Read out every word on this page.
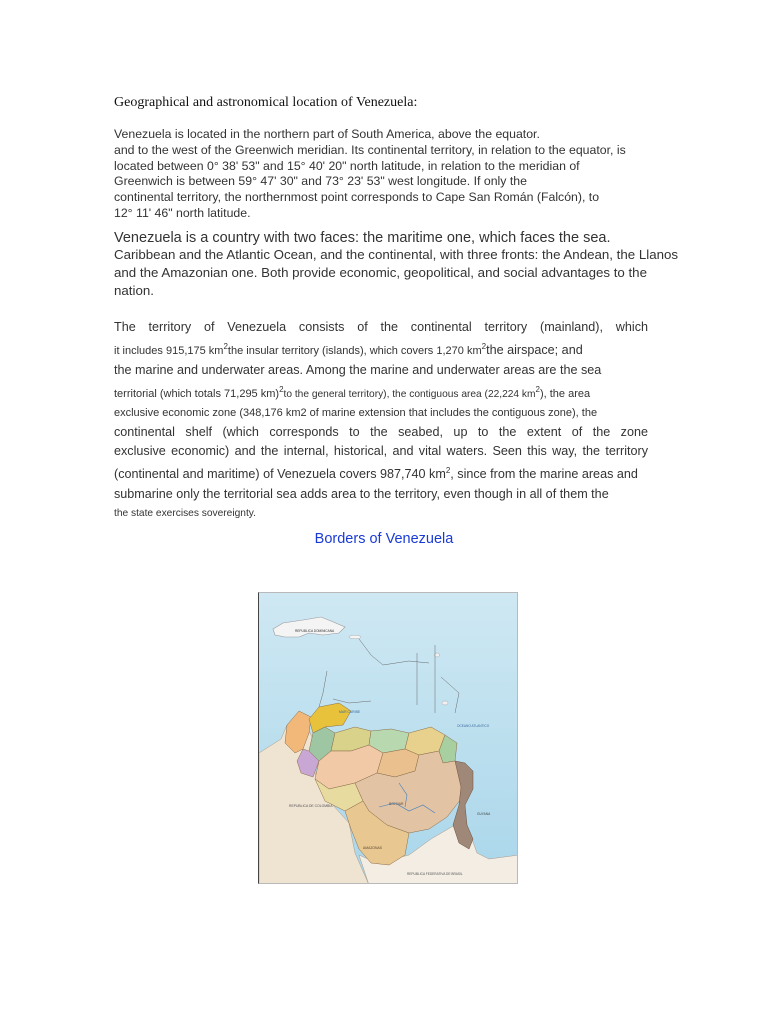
Geographical and astronomical location of Venezuela:

Venezuela is located in the northern part of South America, above the equator.
and to the west of the Greenwich meridian. Its continental territory, in relation to the equator, is
located between 0° 38' 53" and 15° 40' 20" north latitude, in relation to the meridian of
Greenwich is between 59° 47' 30" and 73° 23' 53" west longitude. If only the
continental territory, the northernmost point corresponds to Cape San Román (Falcón), to
12° 11' 46" north latitude.

Venezuela is a country with two faces: the maritime one, which faces the sea.
Caribbean and the Atlantic Ocean, and the continental, with three fronts: the Andean, the Llanos
and the Amazonian one. Both provide economic, geopolitical, and social advantages to the
nation.

The territory of Venezuela consists of the continental territory (mainland), which
it includes 915,175 $km^2the$ insular territory (islands), which covers 1,270 $km^2the$ airspace; and
the marine and underwater areas. Among the marine and underwater areas are the sea
territorial (which totals 71,295 km)$^2$to the general territory), the contiguous area (22,224 $km^2$), the area
exclusive economic zone (348,176 km2 of marine extension that includes the contiguous zone), the
continental shelf (which corresponds to the seabed, up to the extent of the zone
exclusive economic) and the internal, historical, and vital waters. Seen this way, the territory
(continental and maritime) of Venezuela covers 987,740 $km^2$, since from the marine areas and
submarine only the territorial sea adds area to the territory, even though in all of them the
the state exercises sovereignty.

Borders of Venezuela
REPUBLICA DOMINICANA
REPUBLICA DE COLOMBIA
REPUBLICA FEDERATIVA DE BRASIL
BOLIVAR
AMAZONAS
GUYANA
MAR CARIBE
OCEANO ATLANTICO
